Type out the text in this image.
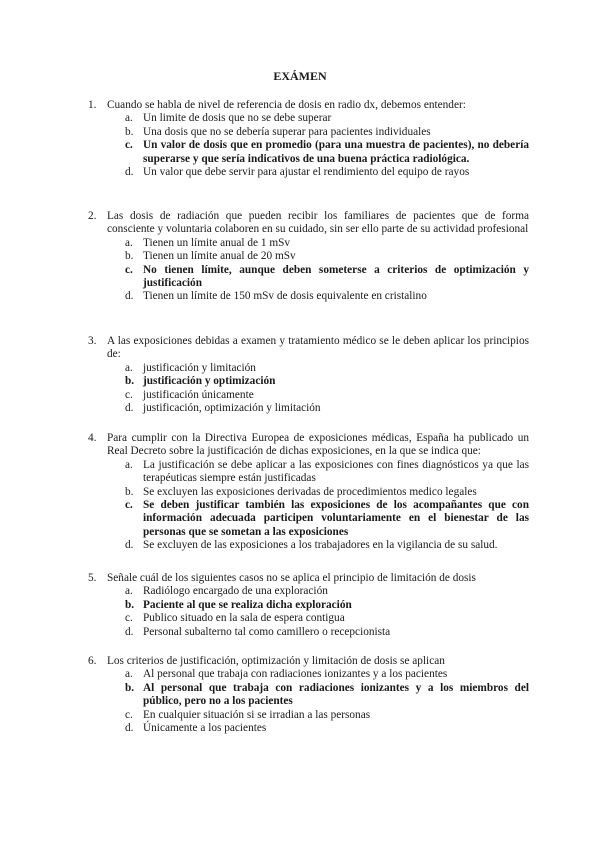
EXÁMEN
1. Cuando se habla de nivel de referencia de dosis en radio dx, debemos entender:
a. Un limite de dosis que no se debe superar
b. Una dosis que no se debería superar para pacientes individuales
c. Un valor de dosis que en promedio (para una muestra de pacientes), no debería superarse y que sería indicativos de una buena práctica radiológica.
d. Un valor que debe servir para ajustar el rendimiento del equipo de rayos
2. Las dosis de radiación que pueden recibir los familiares de pacientes que de forma consciente y voluntaria colaboren en su cuidado, sin ser ello parte de su actividad profesional
a. Tienen un límite anual de 1 mSv
b. Tienen un límite anual de 20 mSv
c. No tienen límite, aunque deben someterse a criterios de optimización y justificación
d. Tienen un límite de 150 mSv de dosis equivalente en cristalino
3. A las exposiciones debidas a examen y tratamiento médico se le deben aplicar los principios de:
a. justificación y limitación
b. justificación y optimización
c. justificación únicamente
d. justificación, optimización y limitación
4. Para cumplir con la Directiva Europea de exposiciones médicas, España ha publicado un Real Decreto sobre la justificación de dichas exposiciones, en la que se indica que:
a. La justificación se debe aplicar a las exposiciones con fines diagnósticos ya que las terapéuticas siempre están justificadas
b. Se excluyen las exposiciones derivadas de procedimientos medico legales
c. Se deben justificar también las exposiciones de los acompañantes que con información adecuada participen voluntariamente en el bienestar de las personas que se sometan a las exposiciones
d. Se excluyen de las exposiciones a los trabajadores en la vigilancia de su salud.
5. Señale cuál de los siguientes casos no se aplica el principio de limitación de dosis
a. Radiólogo encargado de una exploración
b. Paciente al que se realiza dicha exploración
c. Publico situado en la sala de espera contigua
d. Personal subalterno tal como camillero o recepcionista
6. Los criterios de justificación, optimización y limitación de dosis se aplican
a. Al personal que trabaja con radiaciones ionizantes y a los pacientes
b. Al personal que trabaja con radiaciones ionizantes y a los miembros del público, pero no a los pacientes
c. En cualquier situación si se irradian a las personas
d. Únicamente a los pacientes
